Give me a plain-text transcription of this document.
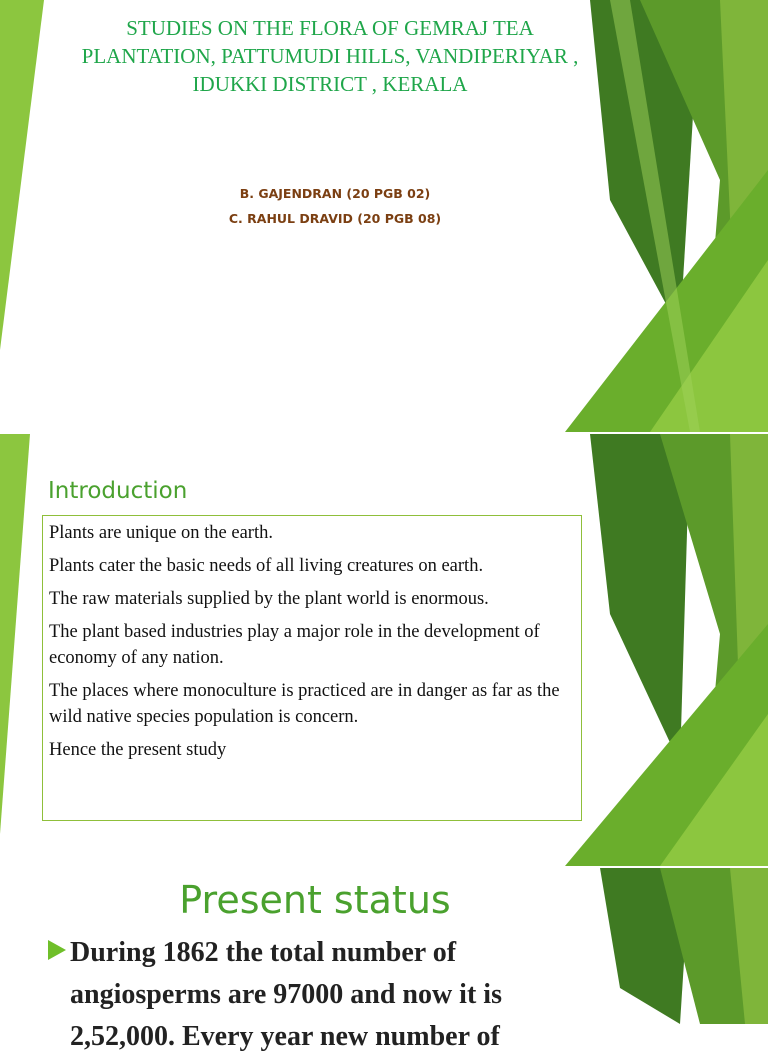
STUDIES ON THE FLORA OF GEMRAJ TEA PLANTATION, PATTUMUDI HILLS, VANDIPERIYAR , IDUKKI DISTRICT , KERALA
B. GAJENDRAN (20 PGB 02)
C. RAHUL DRAVID (20 PGB 08)
Introduction

Plants are unique on the earth.

Plants cater the basic needs of all living creatures on earth.

The raw materials supplied by the plant world is enormous.

The plant based industries play a major role in the development of economy of any nation.

The places where monoculture is practiced are in danger as far as the wild native species population is concern.

Hence the present study

Present status
During 1862 the total number of angiosperms are 97000 and now it is 2,52,000. Every year new number of
